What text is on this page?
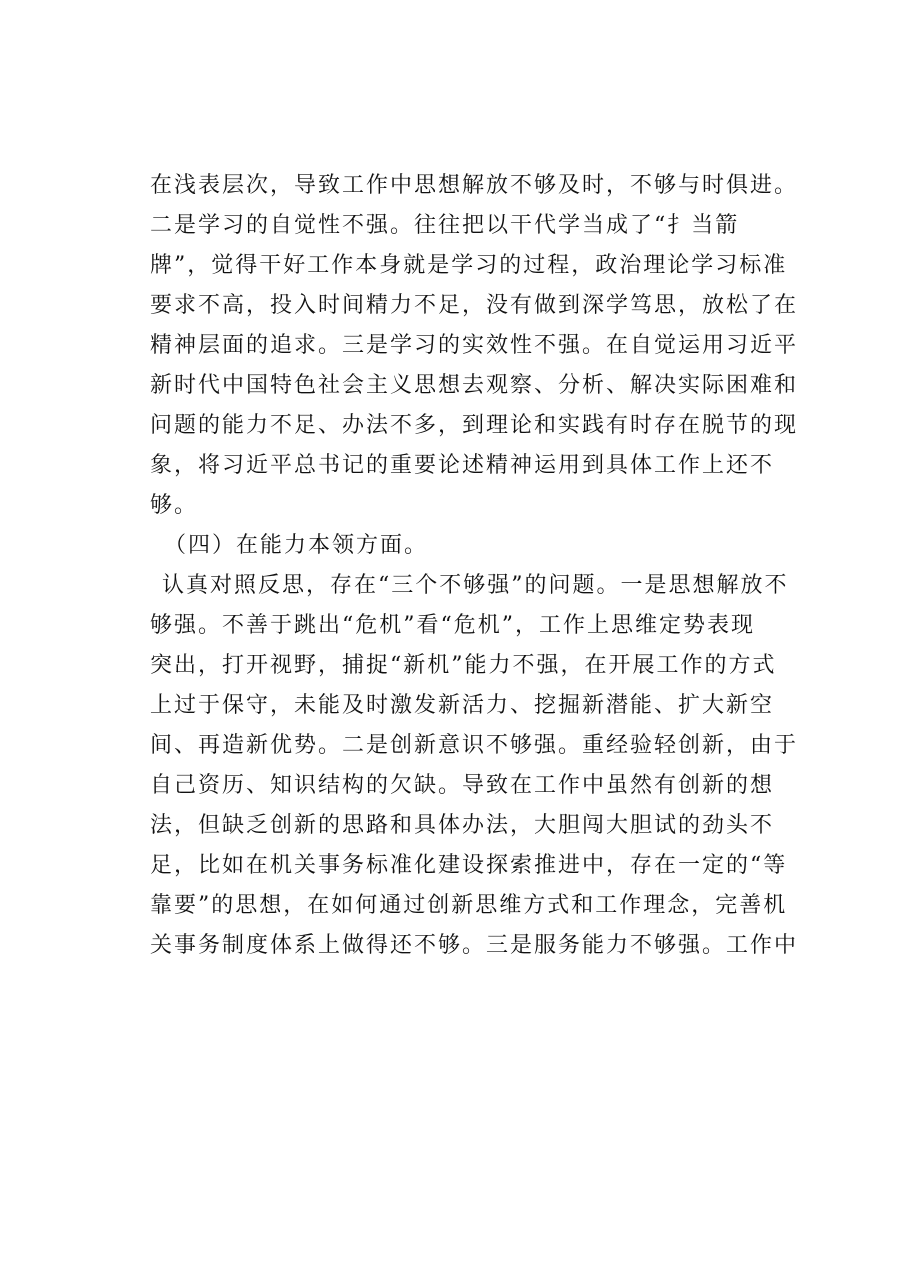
在浅表层次，导致工作中思想解放不够及时，不够与时俱进。
二是学习的自觉性不强。往往把以干代学当成了“扌当箭
牌”，觉得干好工作本身就是学习的过程，政治理论学习标准
要求不高，投入时间精力不足，没有做到深学笃思，放松了在
精神层面的追求。三是学习的实效性不强。在自觉运用习近平
新时代中国特色社会主义思想去观察、分析、解决实际困难和
问题的能力不足、办法不多，到理论和实践有时存在脱节的现
象，将习近平总书记的重要论述精神运用到具体工作上还不
够。
（四）在能力本领方面。
认真对照反思，存在“三个不够强”的问题。一是思想解放不
够强。不善于跳出“危机”看“危机”，工作上思维定势表现
突出，打开视野，捕捉“新机”能力不强，在开展工作的方式
上过于保守，未能及时激发新活力、挖掘新潜能、扩大新空
间、再造新优势。二是创新意识不够强。重经验轻创新，由于
自己资历、知识结构的欠缺。导致在工作中虽然有创新的想
法，但缺乏创新的思路和具体办法，大胆闯大胆试的劲头不
足，比如在机关事务标准化建设探索推进中，存在一定的“等
靠要”的思想，在如何通过创新思维方式和工作理念，完善机
关事务制度体系上做得还不够。三是服务能力不够强。工作中
